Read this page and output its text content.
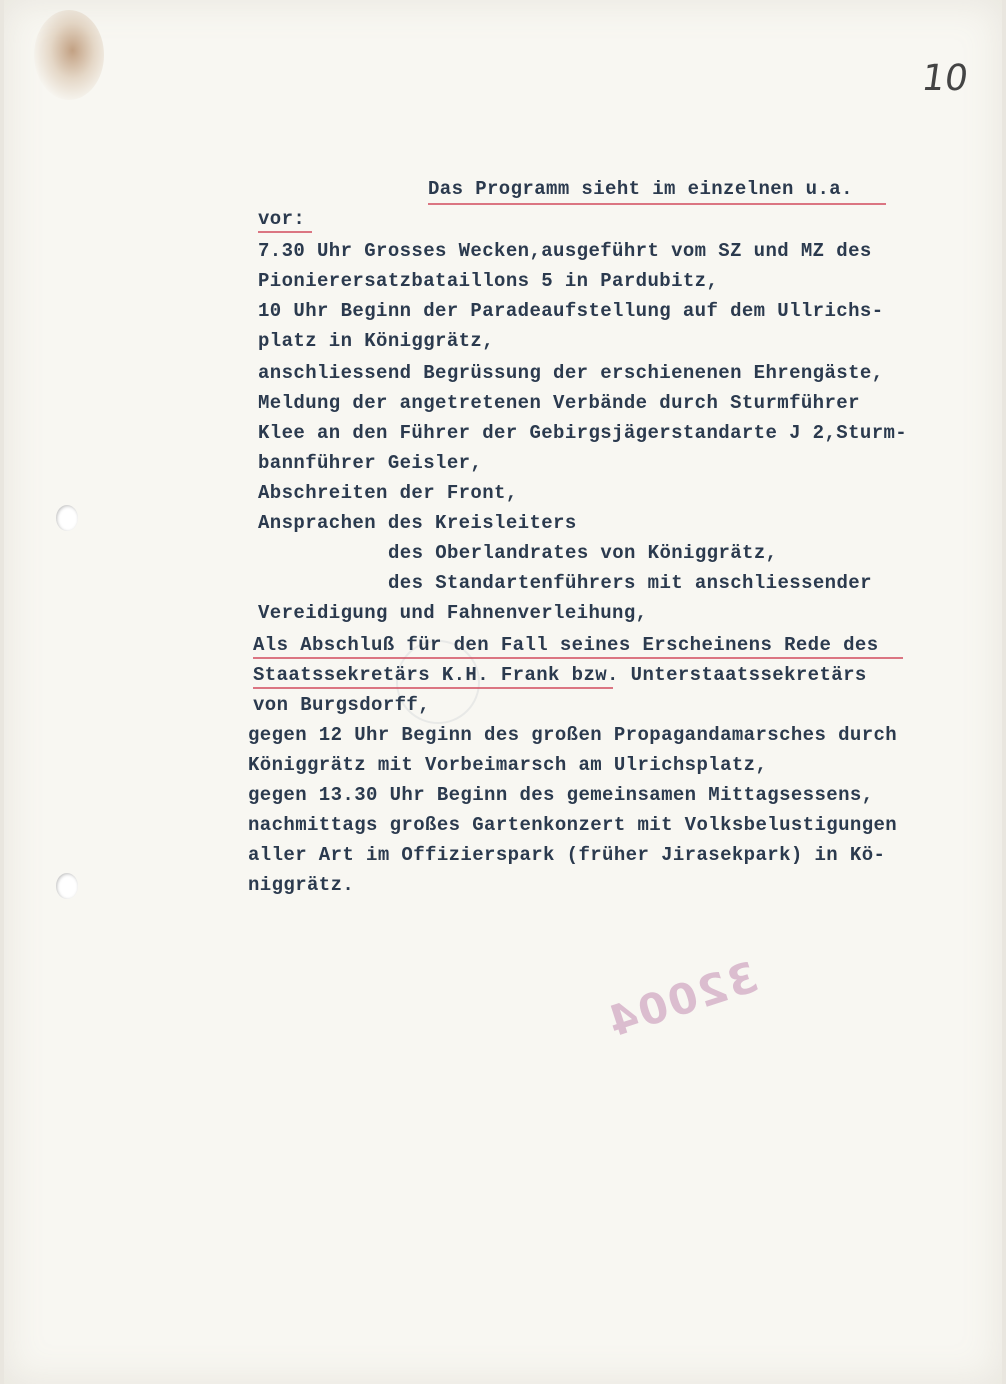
10
Das Programm sieht im einzelnen u.a.
vor:
7.30 Uhr Grosses Wecken,ausgeführt vom SZ und MZ des
Pionierersatzbataillons 5 in Pardubitz,
10 Uhr Beginn der Paradeaufstellung auf dem Ullrichs-
platz in Königgrätz,
anschliessend Begrüssung der erschienenen Ehrengäste,
Meldung der angetretenen Verbände durch Sturmführer
Klee an den Führer der Gebirgsjägerstandarte J 2,Sturm-
bannführer Geisler,
Abschreiten der Front,
Ansprachen des Kreisleiters
des Oberlandrates von Königgrätz,
des Standartenführers mit anschliessender
Vereidigung und Fahnenverleihung,
Als Abschluß für den Fall seines Erscheinens Rede des
Staatssekretärs K.H. Frank bzw. Unterstaatssekretärs
von Burgsdorff,
gegen 12 Uhr Beginn des großen Propagandamarsches durch
Königgrätz mit Vorbeimarsch am Ulrichsplatz,
gegen 13.30 Uhr Beginn des gemeinsamen Mittagsessens,
nachmittags großes Gartenkonzert mit Volksbelustigungen
aller Art im Offizierspark (früher Jirasekpark) in Kö-
niggrätz.
32004
